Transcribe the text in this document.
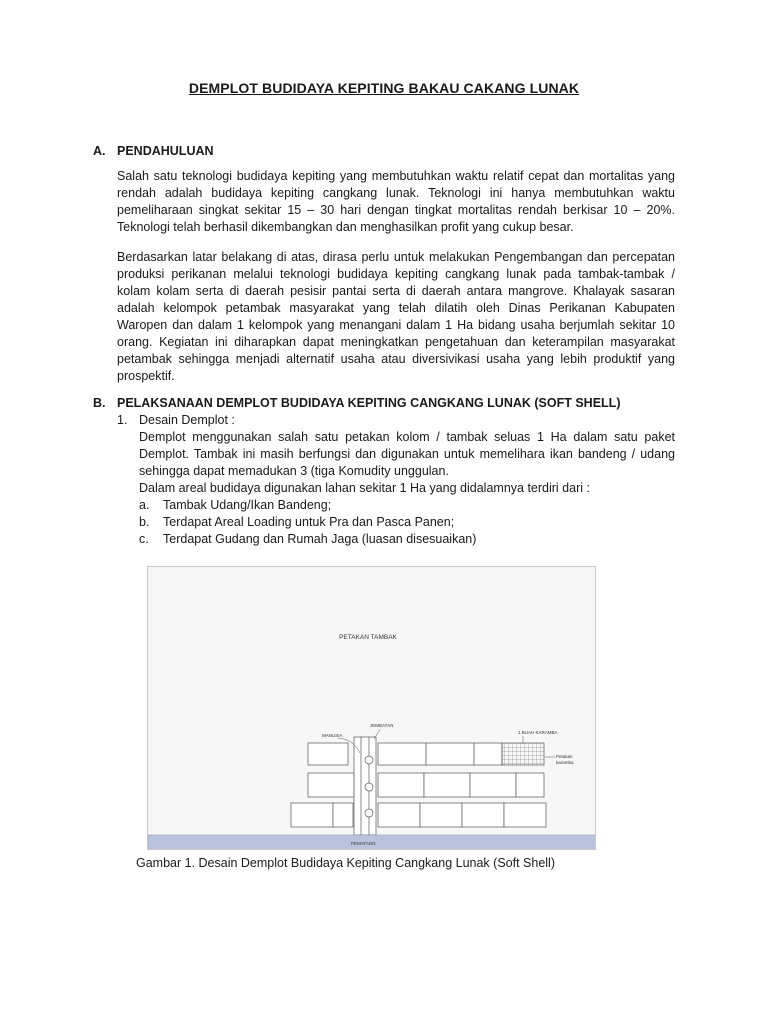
DEMPLOT BUDIDAYA KEPITING BAKAU CAKANG LUNAK
A. PENDAHULUAN

Salah satu teknologi budidaya kepiting yang membutuhkan waktu relatif cepat dan mortalitas yang rendah adalah budidaya kepiting cangkang lunak. Teknologi ini hanya membutuhkan waktu pemeliharaan singkat sekitar 15 – 30 hari dengan tingkat mortalitas rendah berkisar 10 – 20%. Teknologi telah berhasil dikembangkan dan menghasilkan profit yang cukup besar.

Berdasarkan latar belakang di atas, dirasa perlu untuk melakukan Pengembangan dan percepatan produksi perikanan melalui teknologi budidaya kepiting cangkang lunak pada tambak-tambak / kolam kolam serta di daerah pesisir pantai serta di daerah antara mangrove. Khalayak sasaran adalah kelompok petambak masyarakat yang telah dilatih oleh Dinas Perikanan Kabupaten Waropen dan dalam 1 kelompok yang menangani dalam 1 Ha bidang usaha berjumlah sekitar 10 orang. Kegiatan ini diharapkan dapat meningkatkan pengetahuan dan keterampilan masyarakat petambak sehingga menjadi alternatif usaha atau diversivikasi usaha yang lebih produktif yang prospektif.

B. PELAKSANAAN DEMPLOT BUDIDAYA KEPITING CANGKANG LUNAK (SOFT SHELL)
1. Desain Demplot :

Demplot menggunakan salah satu petakan kolom / tambak seluas 1 Ha dalam satu paket Demplot. Tambak ini masih berfungsi dan digunakan untuk memelihara ikan bandeng / udang sehingga dapat memadukan 3 (tiga Komudity unggulan.

Dalam areal budidaya digunakan lahan sekitar 1 Ha yang didalamnya terdiri dari :

a. Tambak Udang/Ikan Bandeng;
b. Terdapat Areal Loading untuk Pra dan Pasca Panen;
c. Terdapat Gudang dan Rumah Jaga (luasan disesuaikan)
PETAKAN TAMBAK
MANUSIA
JEMBATAN
1 BUAH KARAMBA
Petakan
karamba
PEMATANG
Gambar 1. Desain Demplot Budidaya Kepiting Cangkang Lunak (Soft Shell)
